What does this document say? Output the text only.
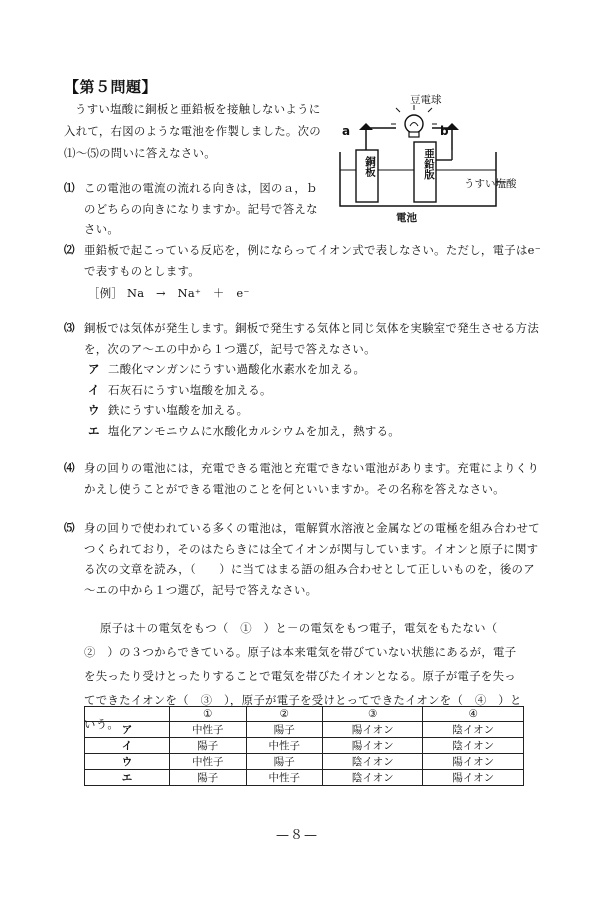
【第５問題】
うすい塩酸に銅板と亜鉛板を接触しないように入れて，右図のような電池を作製しました。次の⑴～⑸の問いに答えなさい。
豆電球
a	b
銅板	亜鉛版
うすい塩酸
電池
⑴ この電池の電流の流れる向きは，図のａ，ｂのどちらの向きになりますか。記号で答えなさい。
⑵ 亜鉛板で起こっている反応を，例にならってイオン式で表しなさい。ただし，電子はe⁻で表すものとします。
［例］ Na　→　Na⁺　＋　e⁻
⑶ 銅板では気体が発生します。銅板で発生する気体と同じ気体を実験室で発生させる方法を，次のア～エの中から１つ選び，記号で答えなさい。
ア 二酸化マンガンにうすい過酸化水素水を加える。
イ 石灰石にうすい塩酸を加える。
ウ 鉄にうすい塩酸を加える。
エ 塩化アンモニウムに水酸化カルシウムを加え，熱する。
⑷ 身の回りの電池には，充電できる電池と充電できない電池があります。充電によりくりかえし使うことができる電池のことを何といいますか。その名称を答えなさい。
⑸ 身の回りで使われている多くの電池は，電解質水溶液と金属などの電極を組み合わせてつくられており，そのはたらきには全てイオンが関与しています。イオンと原子に関する次の文章を読み，（　　）に当てはまる語の組み合わせとして正しいものを，後のア～エの中から１つ選び，記号で答えなさい。
原子は＋の電気をもつ（　①　）と－の電気をもつ電子，電気をもたない（　②　）の３つからできている。原子は本来電気を帯びていない状態にあるが，電子を失ったり受けとったりすることで電気を帯びたイオンとなる。原子が電子を失ってできたイオンを（　③　），原子が電子を受けとってできたイオンを（　④　）という。
	①	②	③	④
ア	中性子	陽子	陽イオン	陰イオン
イ	陽子	中性子	陽イオン	陰イオン
ウ	中性子	陽子	陰イオン	陽イオン
エ	陽子	中性子	陰イオン	陽イオン
—８—
